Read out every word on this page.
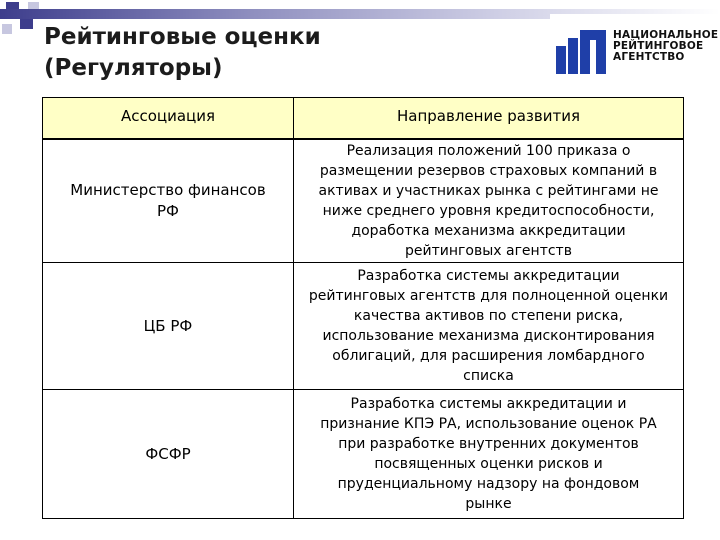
Рейтинговые оценки
(Регуляторы)
НАЦИОНАЛЬНОЕ
РЕЙТИНГОВОЕ
АГЕНТСТВО
Ассоциация	Направление развития
Министерство финансов
РФ
Реализация положений 100 приказа о
размещении резервов страховых компаний в
активах и участниках рынка с рейтингами не
ниже среднего уровня кредитоспособности,
доработка механизма аккредитации
рейтинговых агентств
ЦБ РФ
Разработка системы аккредитации
рейтинговых агентств для полноценной оценки
качества активов по степени риска,
использование механизма дисконтирования
облигаций, для расширения ломбардного
списка
ФСФР
Разработка системы аккредитации и
признание КПЭ РА, использование оценок РА
при разработке внутренних документов
посвященных оценки рисков и
пруденциальному надзору на фондовом
рынке
